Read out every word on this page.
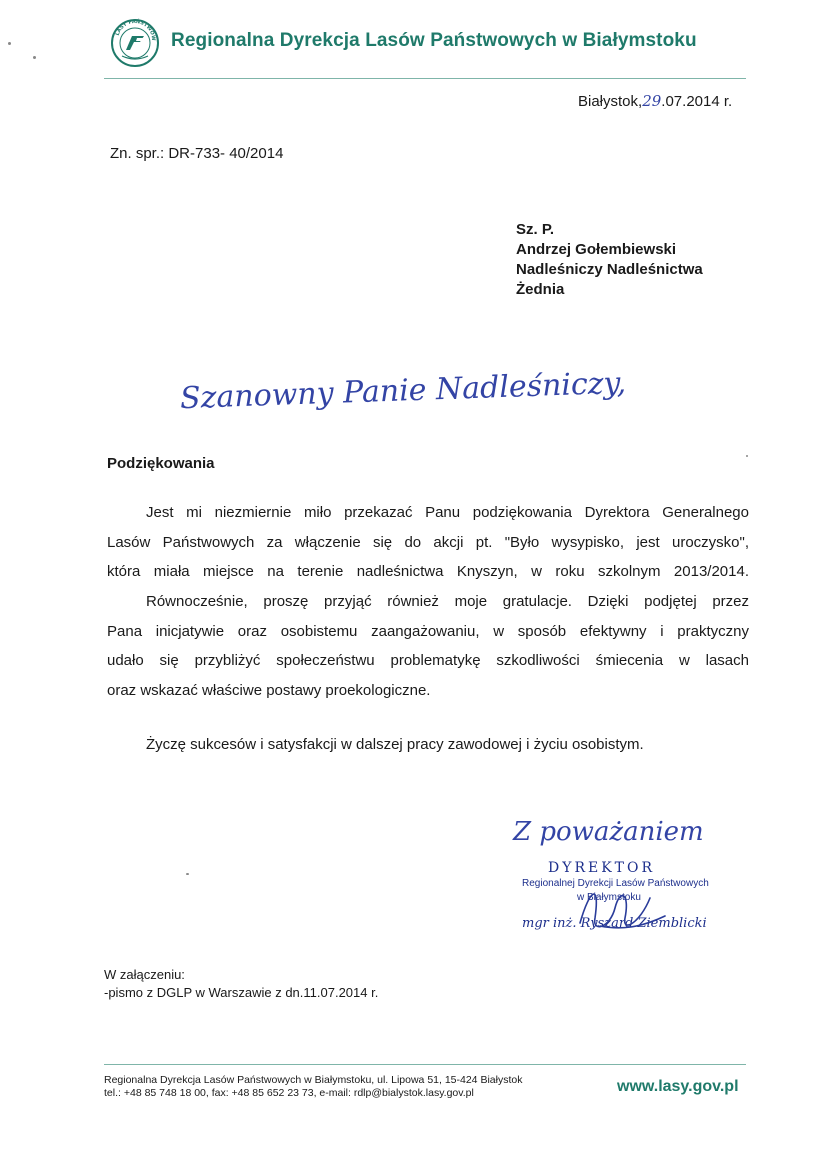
LASY PAŃSTWOW Regionalna Dyrekcja Lasów Państwowych w Białymstoku
Białystok,29.07.2014 r.
Zn. spr.: DR-733- 40/2014
Sz. P.
Andrzej Gołembiewski
Nadleśniczy Nadleśnictwa
Żednia
Szanowny Panie Nadleśniczy,
Podziękowania
Jest mi niezmiernie miło przekazać Panu podziękowania Dyrektora Generalnego
Lasów Państwowych za włączenie się do akcji pt. "Było wysypisko, jest uroczysko",
która miała miejsce na terenie nadleśnictwa Knyszyn, w roku szkolnym 2013/2014.
Równocześnie, proszę przyjąć również moje gratulacje. Dzięki podjętej przez
Pana inicjatywie oraz osobistemu zaangażowaniu, w sposób efektywny i praktyczny
udało się przybliżyć społeczeństwu problematykę szkodliwości śmiecenia w lasach
oraz wskazać właściwe postawy proekologiczne.
Życzę sukcesów i satysfakcji w dalszej pracy zawodowej i życiu osobistym.
Z poważaniem
DYREKTOR
Regionalnej Dyrekcji Lasów Państwowych
w Białymstoku
mgr inż. Ryszard Ziemblicki
W załączeniu:
-pismo z DGLP w Warszawie z dn.11.07.2014 r.
Regionalna Dyrekcja Lasów Państwowych w Białymstoku, ul. Lipowa 51, 15-424 Białystok
tel.: +48 85 748 18 00, fax: +48 85 652 23 73, e-mail: rdlp@bialystok.lasy.gov.pl	www.lasy.gov.pl
